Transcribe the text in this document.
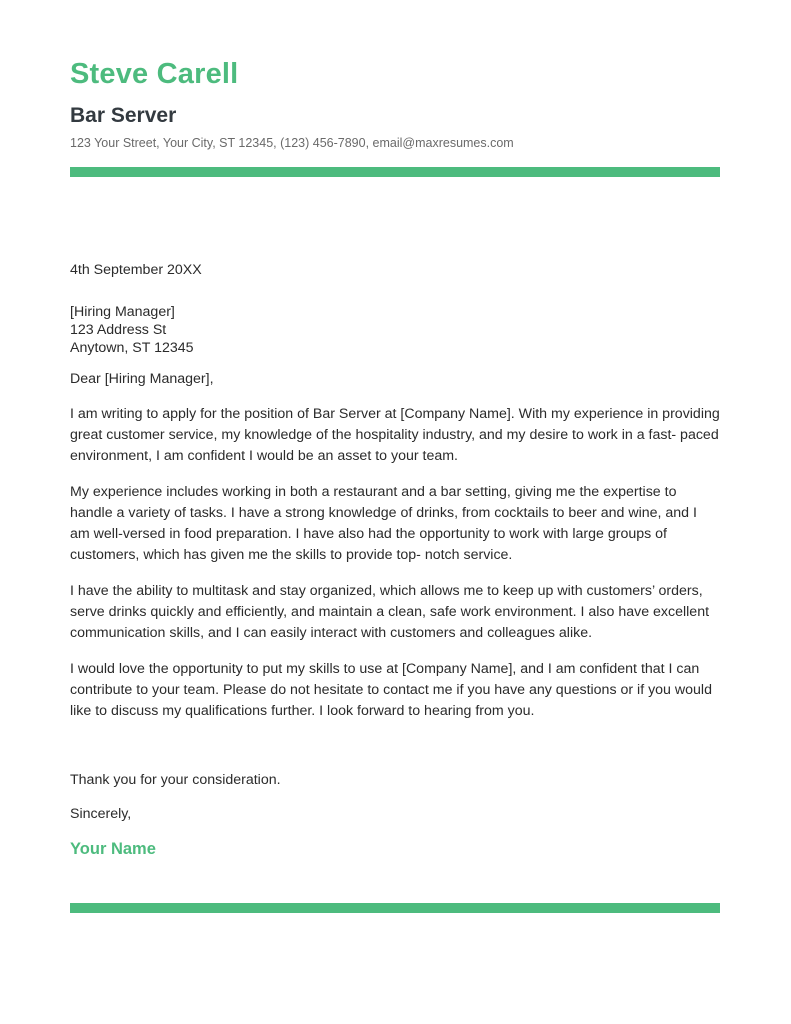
Steve Carell
Bar Server
123 Your Street, Your City, ST 12345, (123) 456-7890, email@maxresumes.com
4th September 20XX
[Hiring Manager]
123 Address St
Anytown, ST 12345
Dear [Hiring Manager],

I am writing to apply for the position of Bar Server at [Company Name]. With my experience in providing great customer service, my knowledge of the hospitality industry, and my desire to work in a fast- paced environment, I am confident I would be an asset to your team.

My experience includes working in both a restaurant and a bar setting, giving me the expertise to handle a variety of tasks. I have a strong knowledge of drinks, from cocktails to beer and wine, and I am well-versed in food preparation. I have also had the opportunity to work with large groups of customers, which has given me the skills to provide top- notch service.

I have the ability to multitask and stay organized, which allows me to keep up with customers’ orders, serve drinks quickly and efficiently, and maintain a clean, safe work environment. I also have excellent communication skills, and I can easily interact with customers and colleagues alike.

I would love the opportunity to put my skills to use at [Company Name], and I am confident that I can contribute to your team. Please do not hesitate to contact me if you have any questions or if you would like to discuss my qualifications further. I look forward to hearing from you.

Thank you for your consideration.
Sincerely,
Your Name
